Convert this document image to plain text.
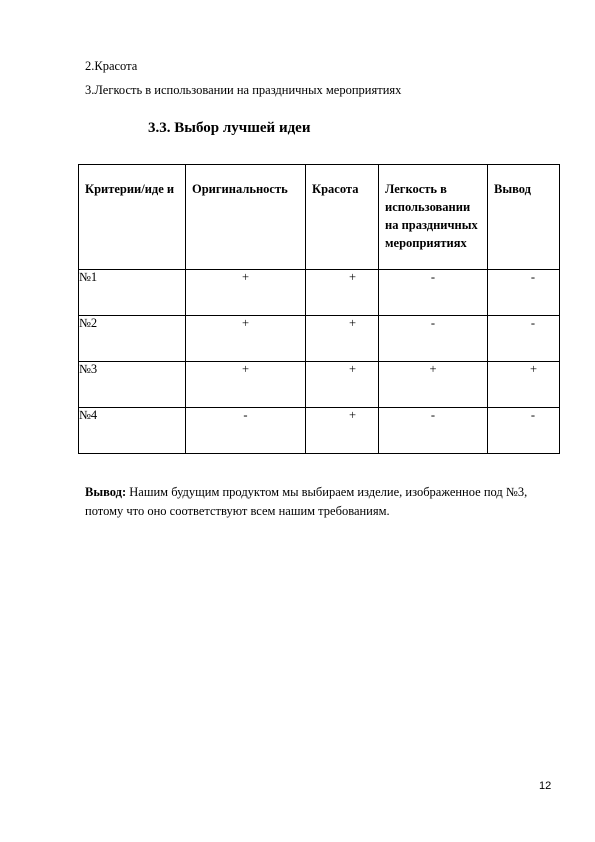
2.Красота
3.Легкость в использовании на праздничных мероприятиях
3.3. Выбор лучшей идеи
Критерии/иде и	Оригинальность	Красота	Легкость в использовании на праздничных мероприятиях	Вывод
№1	+	+	-	-
№2	+	+	-	-
№3	+	+	+	+
№4	-	+	-	-
Вывод: Нашим будущим продуктом мы выбираем изделие, изображенное под №3, потому что оно соответствуют всем нашим требованиям.
12
